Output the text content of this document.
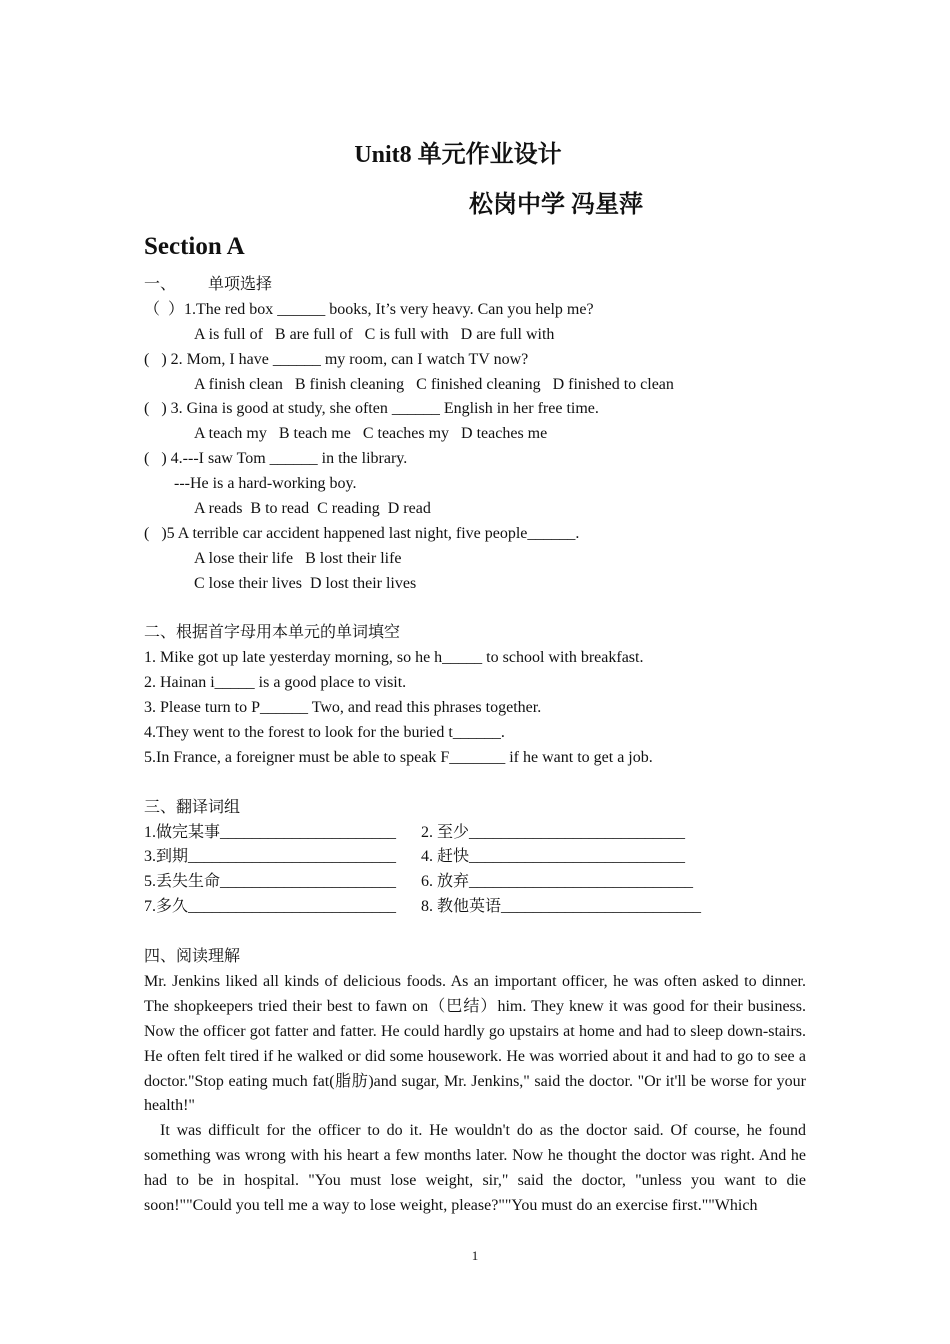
Unit8 单元作业设计
松岗中学 冯星萍
Section A
一、        单项选择
（  ）1.The red box ______ books, It’s very heavy. Can you help me?
A is full of   B are full of   C is full with   D are full with
(   ) 2. Mom, I have ______ my room, can I watch TV now?
A finish clean   B finish cleaning   C finished cleaning   D finished to clean
(   ) 3. Gina is good at study, she often ______ English in her free time.
A teach my   B teach me   C teaches my   D teaches me
(   ) 4.---I saw Tom ______ in the library.
---He is a hard-working boy.
A reads  B to read  C reading  D read
(   )5 A terrible car accident happened last night, five people______.
A lose their life   B lost their life
C lose their lives  D lost their lives
二、根据首字母用本单元的单词填空
1. Mike got up late yesterday morning, so he h_____ to school with breakfast.
2. Hainan i_____ is a good place to visit.
3. Please turn to P______ Two, and read this phrases together.
4.They went to the forest to look for the buried t______.
5.In France, a foreigner must be able to speak F_______ if he want to get a job.
三、翻译词组
1.做完某事______________________	2. 至少___________________________
3.到期__________________________	4. 赶快___________________________
5.丢失生命______________________	6. 放弃____________________________
7.多久__________________________	8. 教他英语_________________________
四、阅读理解
Mr. Jenkins liked all kinds of delicious foods. As an important officer, he was often asked to dinner. The shopkeepers tried their best to fawn on（巴结）him. They knew it was good for their business. Now the officer got fatter and fatter. He could hardly go upstairs at home and had to sleep down-stairs. He often felt tired if he walked or did some housework. He was worried about it and had to go to see a doctor."Stop eating much fat(脂肪)and sugar, Mr. Jenkins," said the doctor. "Or it'll be worse for your health!"
It was difficult for the officer to do it. He wouldn't do as the doctor said. Of course, he found something was wrong with his heart a few months later. Now he thought the doctor was right. And he had to be in hospital. "You must lose weight, sir," said the doctor, "unless you want to die soon!""Could you tell me a way to lose weight, please?""You must do an exercise first.""Which
1
